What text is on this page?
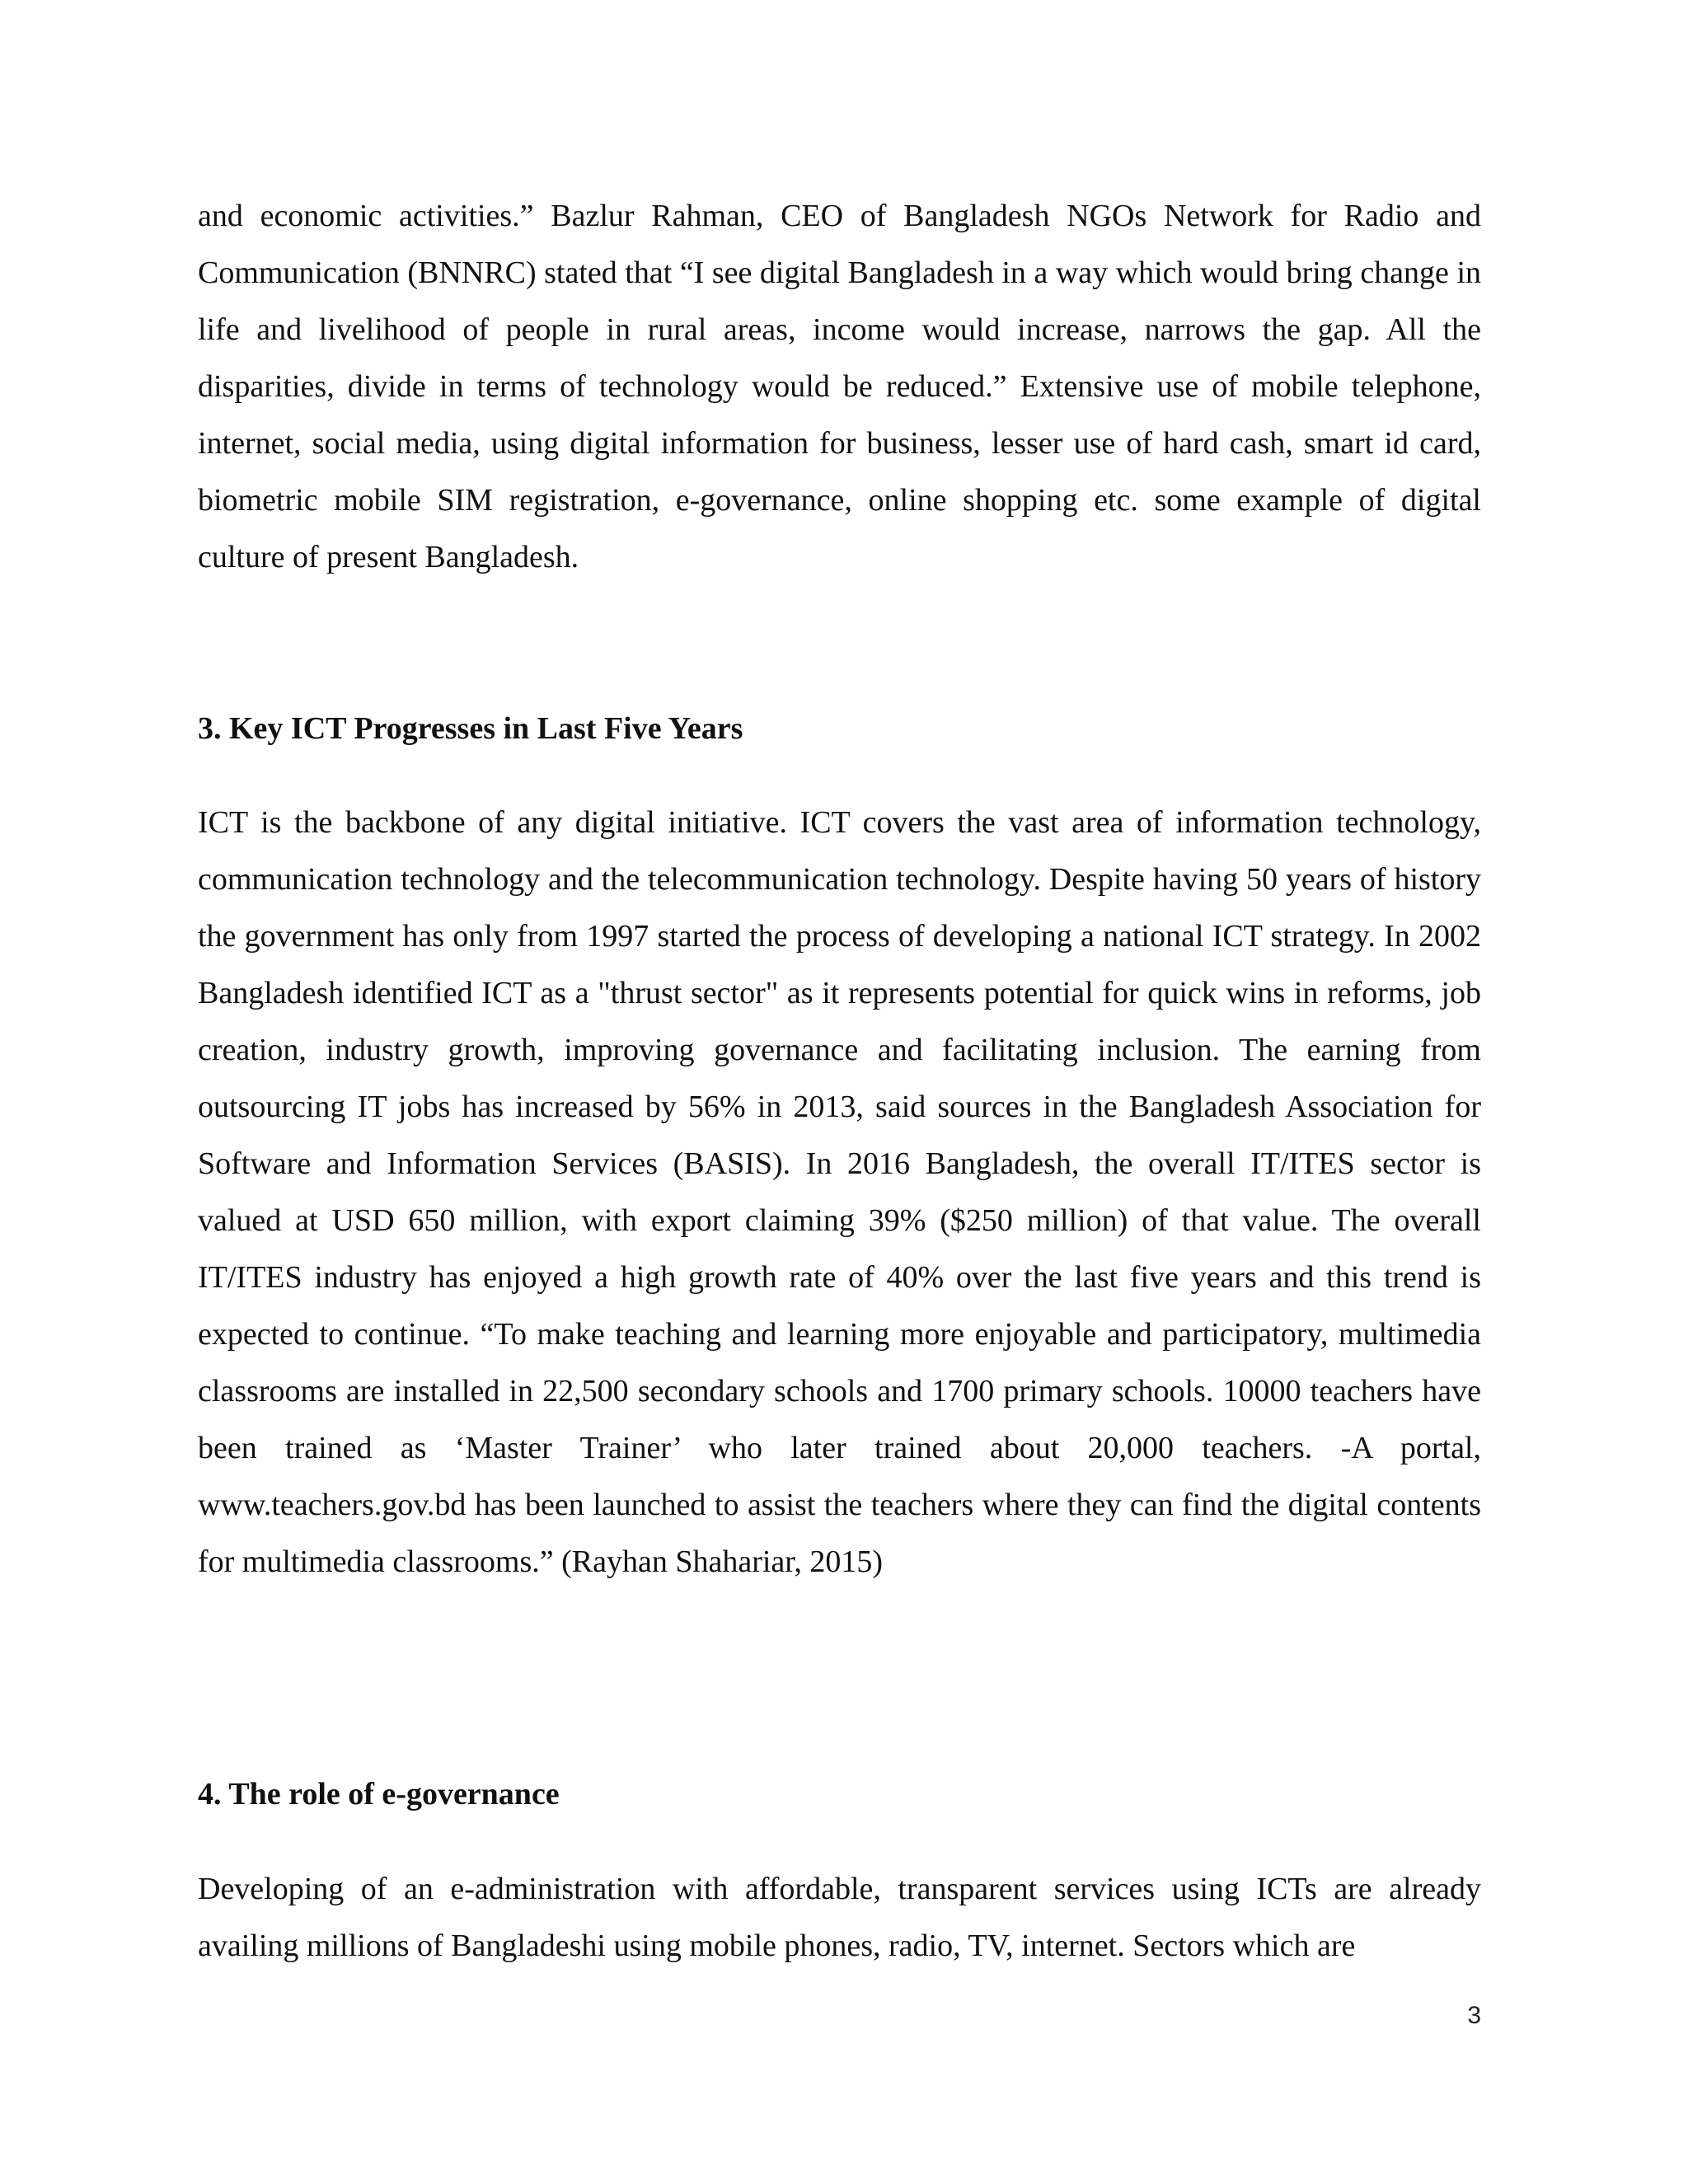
and economic activities.” Bazlur Rahman, CEO of Bangladesh NGOs Network for Radio and Communication (BNNRC) stated that “I see digital Bangladesh in a way which would bring change in life and livelihood of people in rural areas, income would increase, narrows the gap. All the disparities, divide in terms of technology would be reduced.” Extensive use of mobile telephone, internet, social media, using digital information for business, lesser use of hard cash, smart id card, biometric mobile SIM registration, e-governance, online shopping etc. some example of digital culture of present Bangladesh.

3. Key ICT Progresses in Last Five Years

ICT is the backbone of any digital initiative. ICT covers the vast area of information technology, communication technology and the telecommunication technology. Despite having 50 years of history the government has only from 1997 started the process of developing a national ICT strategy. In 2002 Bangladesh identified ICT as a "thrust sector" as it represents potential for quick wins in reforms, job creation, industry growth, improving governance and facilitating inclusion. The earning from outsourcing IT jobs has increased by 56% in 2013, said sources in the Bangladesh Association for Software and Information Services (BASIS). In 2016 Bangladesh, the overall IT/ITES sector is valued at USD 650 million, with export claiming 39% ($250 million) of that value. The overall IT/ITES industry has enjoyed a high growth rate of 40% over the last five years and this trend is expected to continue. “To make teaching and learning more enjoyable and participatory, multimedia classrooms are installed in 22,500 secondary schools and 1700 primary schools. 10000 teachers have been trained as ‘Master Trainer’ who later trained about 20,000 teachers. -A portal, www.teachers.gov.bd has been launched to assist the teachers where they can find the digital contents for multimedia classrooms.” (Rayhan Shahariar, 2015)

4. The role of e-governance

Developing of an e-administration with affordable, transparent services using ICTs are already availing millions of Bangladeshi using mobile phones, radio, TV, internet. Sectors which are

3
